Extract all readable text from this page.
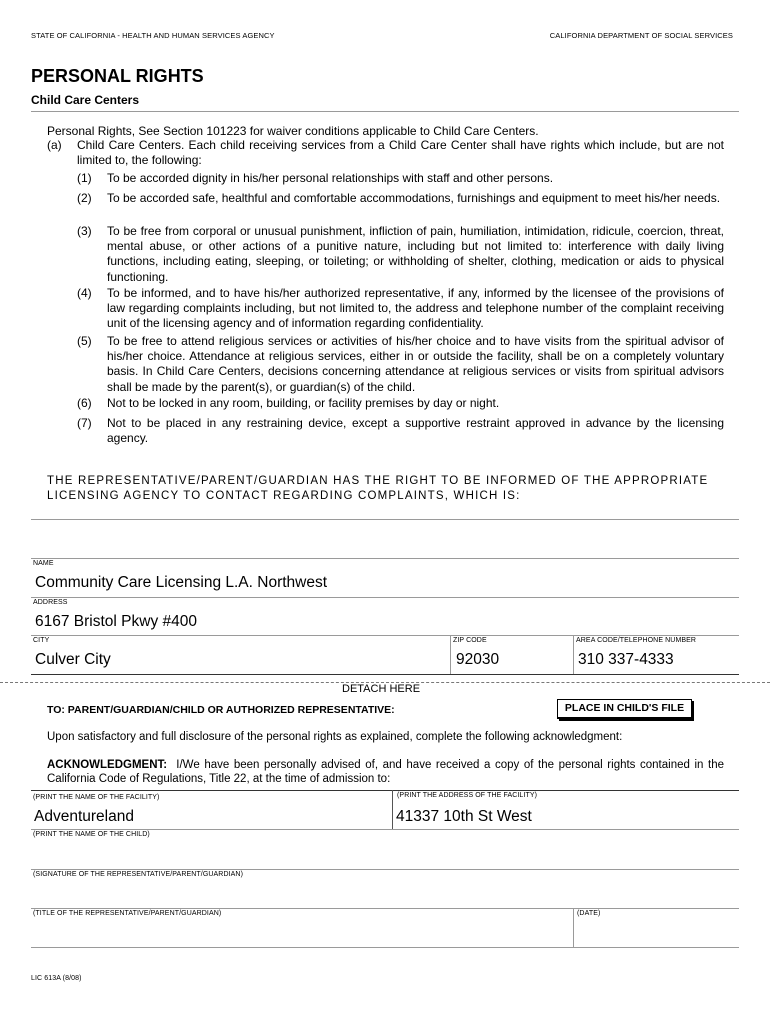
STATE OF CALIFORNIA - HEALTH AND HUMAN SERVICES AGENCY	CALIFORNIA DEPARTMENT OF SOCIAL SERVICES
PERSONAL RIGHTS
Child Care Centers
Personal Rights, See Section 101223 for waiver conditions applicable to Child Care Centers.
(a) Child Care Centers. Each child receiving services from a Child Care Center shall have rights which include, but are not limited to, the following:
(1)	To be accorded dignity in his/her personal relationships with staff and other persons.
(2)	To be accorded safe, healthful and comfortable accommodations, furnishings and equipment to meet his/her needs.
(3)	To be free from corporal or unusual punishment, infliction of pain, humiliation, intimidation, ridicule, coercion, threat, mental abuse, or other actions of a punitive nature, including but not limited to: interference with daily living functions, including eating, sleeping, or toileting; or withholding of shelter, clothing, medication or aids to physical functioning.
(4)	To be informed, and to have his/her authorized representative, if any, informed by the licensee of the provisions of law regarding complaints including, but not limited to, the address and telephone number of the complaint receiving unit of the licensing agency and of information regarding confidentiality.
(5)	To be free to attend religious services or activities of his/her choice and to have visits from the spiritual advisor of his/her choice. Attendance at religious services, either in or outside the facility, shall be on a completely voluntary basis. In Child Care Centers, decisions concerning attendance at religious services or visits from spiritual advisors shall be made by the parent(s), or guardian(s) of the child.
(6)	Not to be locked in any room, building, or facility premises by day or night.
(7)	Not to be placed in any restraining device, except a supportive restraint approved in advance by the licensing agency.
THE REPRESENTATIVE/PARENT/GUARDIAN HAS THE RIGHT TO BE INFORMED OF THE APPROPRIATE LICENSING AGENCY TO CONTACT REGARDING COMPLAINTS, WHICH IS:
NAME
Community Care Licensing L.A. Northwest
ADDRESS
6167 Bristol Pkwy #400
CITY
Culver City
ZIP CODE
92030
AREA CODE/TELEPHONE NUMBER
310 337-4333
DETACH HERE
TO: PARENT/GUARDIAN/CHILD OR AUTHORIZED REPRESENTATIVE:	PLACE IN CHILD'S FILE
Upon satisfactory and full disclosure of the personal rights as explained, complete the following acknowledgment:
ACKNOWLEDGMENT: I/We have been personally advised of, and have received a copy of the personal rights contained in the California Code of Regulations, Title 22, at the time of admission to:
(PRINT THE NAME OF THE FACILITY)
Adventureland
(PRINT THE ADDRESS OF THE FACILITY)
41337 10th St West
(PRINT THE NAME OF THE CHILD)
(SIGNATURE OF THE REPRESENTATIVE/PARENT/GUARDIAN)
(TITLE OF THE REPRESENTATIVE/PARENT/GUARDIAN)	(DATE)
LIC 613A (8/08)
